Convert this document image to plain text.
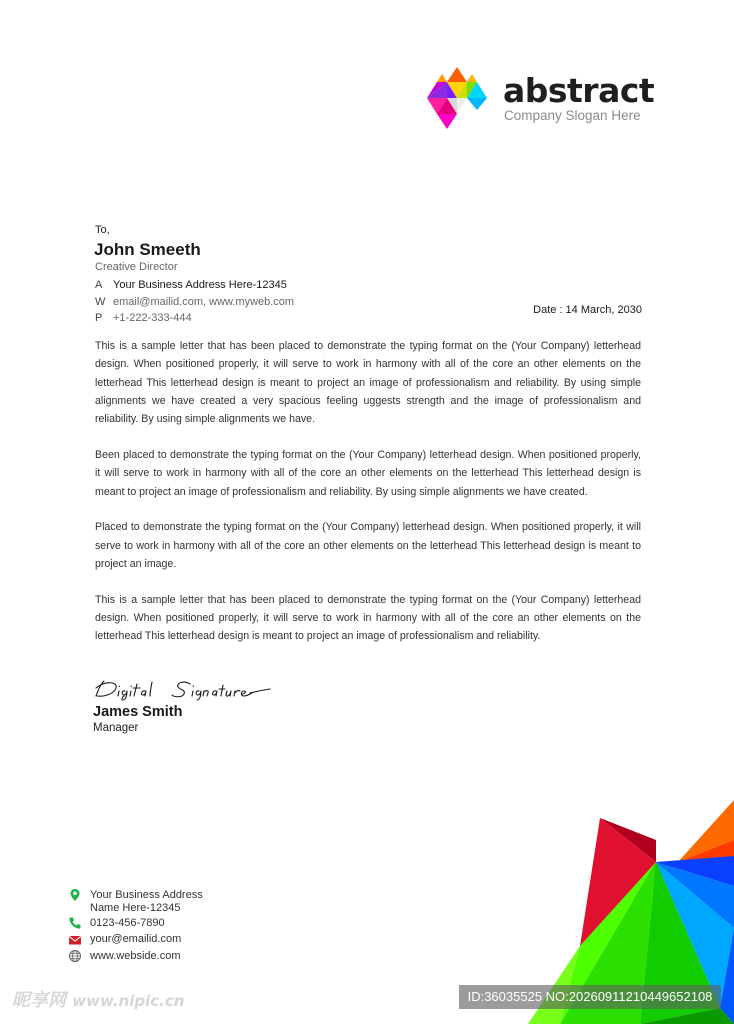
abstract
Company Slogan Here
To,
John Smeeth
Creative Director
A Your Business Address Here-12345
W email@mailid.com, www.myweb.com
P +1-222-333-444
Date : 14 March, 2030

This is a sample letter that has been placed to demonstrate the typing format on the (Your Company) letterhead design. When positioned properly, it will serve to work in harmony with all of the core an other elements on the letterhead This letterhead design is meant to project an image of professionalism and reliability. By using simple alignments we have created a very spacious feeling uggests strength and the image of professionalism and reliability. By using simple alignments we have.

Been placed to demonstrate the typing format on the (Your Company) letterhead design. When positioned properly, it will serve to work in harmony with all of the core an other elements on the letterhead This letterhead design is meant to project an image of professionalism and reliability. By using simple alignments we have created.

Placed to demonstrate the typing format on the (Your Company) letterhead design. When positioned properly, it will serve to work in harmony with all of the core an other elements on the letterhead This letterhead design is meant to project an image.

This is a sample letter that has been placed to demonstrate the typing format on the (Your Company) letterhead design. When positioned properly, it will serve to work in harmony with all of the core an other elements on the letterhead This letterhead design is meant to project an image of professionalism and reliability.

James Smith
Manager
Your Business Address
Name Here-12345
0123-456-7890
your@emailid.com
www.webside.com
昵享网 www.nipic.cn	ID:36035525 NO:20260911210449652108
